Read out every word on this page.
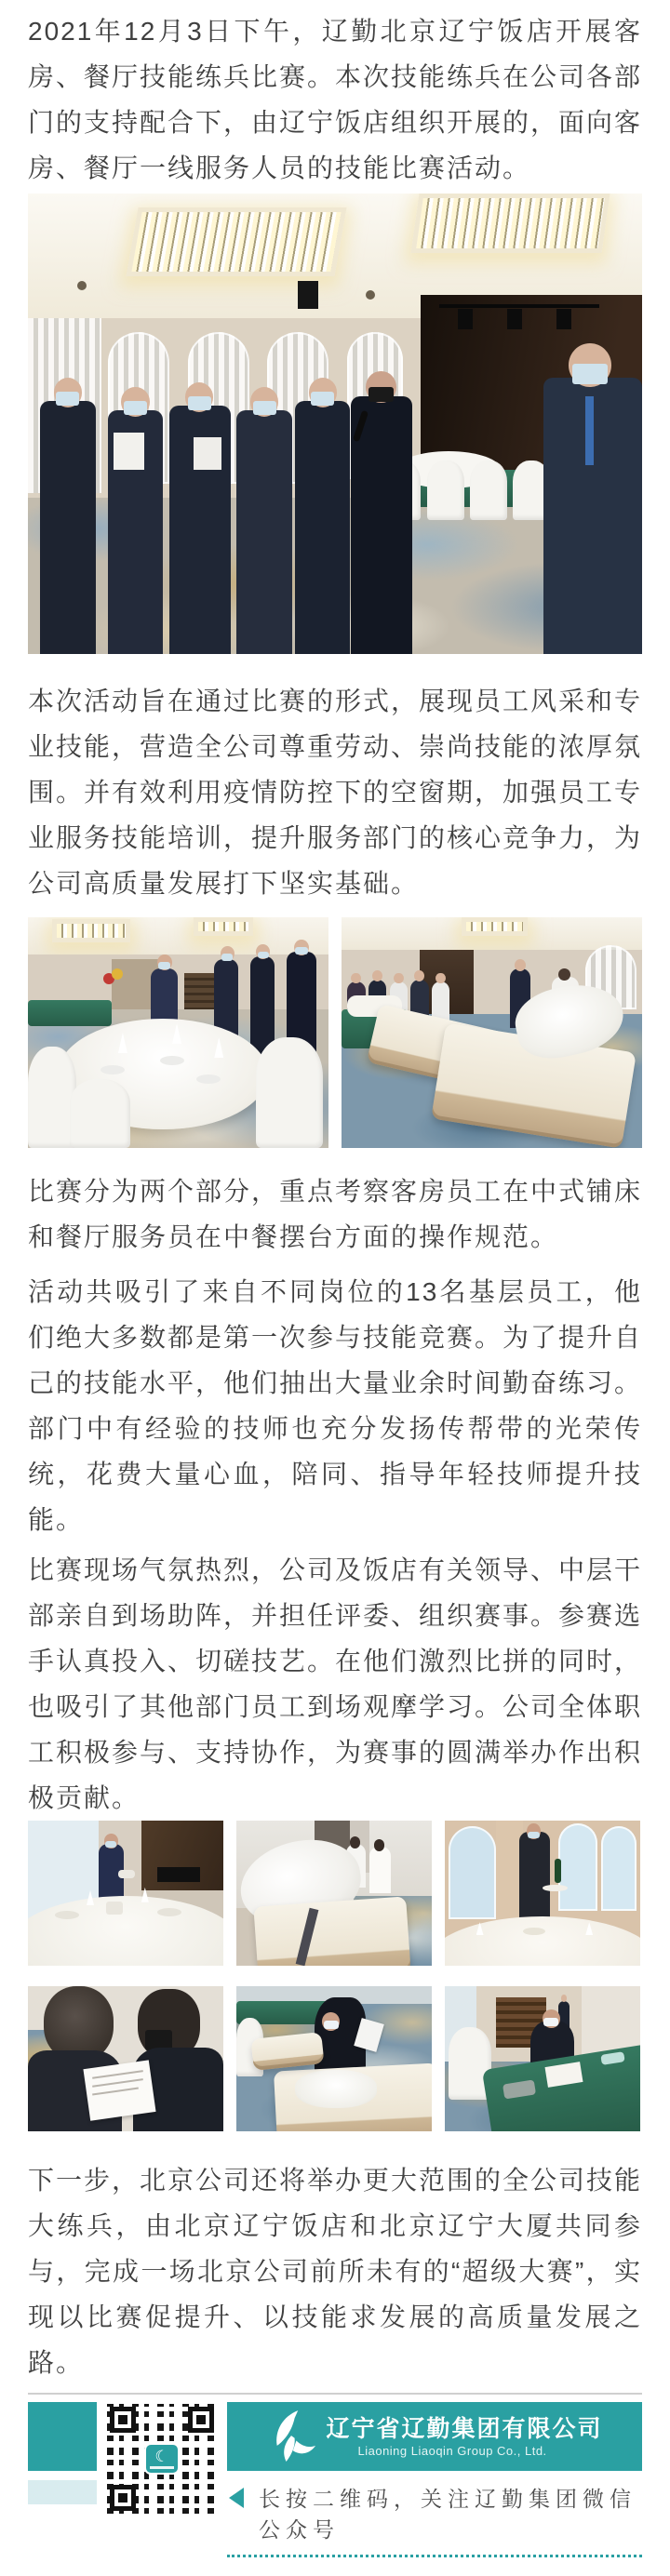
2021年12月3日下午，辽勤北京辽宁饭店开展客房、餐厅技能练兵比赛。本次技能练兵在公司各部门的支持配合下，由辽宁饭店组织开展的，面向客房、餐厅一线服务人员的技能比赛活动。

本次活动旨在通过比赛的形式，展现员工风采和专业技能，营造全公司尊重劳动、崇尚技能的浓厚氛围。并有效利用疫情防控下的空窗期，加强员工专业服务技能培训，提升服务部门的核心竞争力，为公司高质量发展打下坚实基础。

比赛分为两个部分，重点考察客房员工在中式铺床和餐厅服务员在中餐摆台方面的操作规范。

活动共吸引了来自不同岗位的13名基层员工，他们绝大多数都是第一次参与技能竞赛。为了提升自己的技能水平，他们抽出大量业余时间勤奋练习。部门中有经验的技师也充分发扬传帮带的光荣传统，花费大量心血，陪同、指导年轻技师提升技能。

比赛现场气氛热烈，公司及饭店有关领导、中层干部亲自到场助阵，并担任评委、组织赛事。参赛选手认真投入、切磋技艺。在他们激烈比拼的同时，也吸引了其他部门员工到场观摩学习。公司全体职工积极参与、支持协作，为赛事的圆满举办作出积极贡献。

下一步，北京公司还将举办更大范围的全公司技能大练兵，由北京辽宁饭店和北京辽宁大厦共同参与，完成一场北京公司前所未有的“超级大赛”，实现以比赛促提升、以技能求发展的高质量发展之路。

☾
辽宁省辽勤集团有限公司
Liaoning Liaoqin Group Co., Ltd.
长按二维码，关注辽勤集团微信公众号
